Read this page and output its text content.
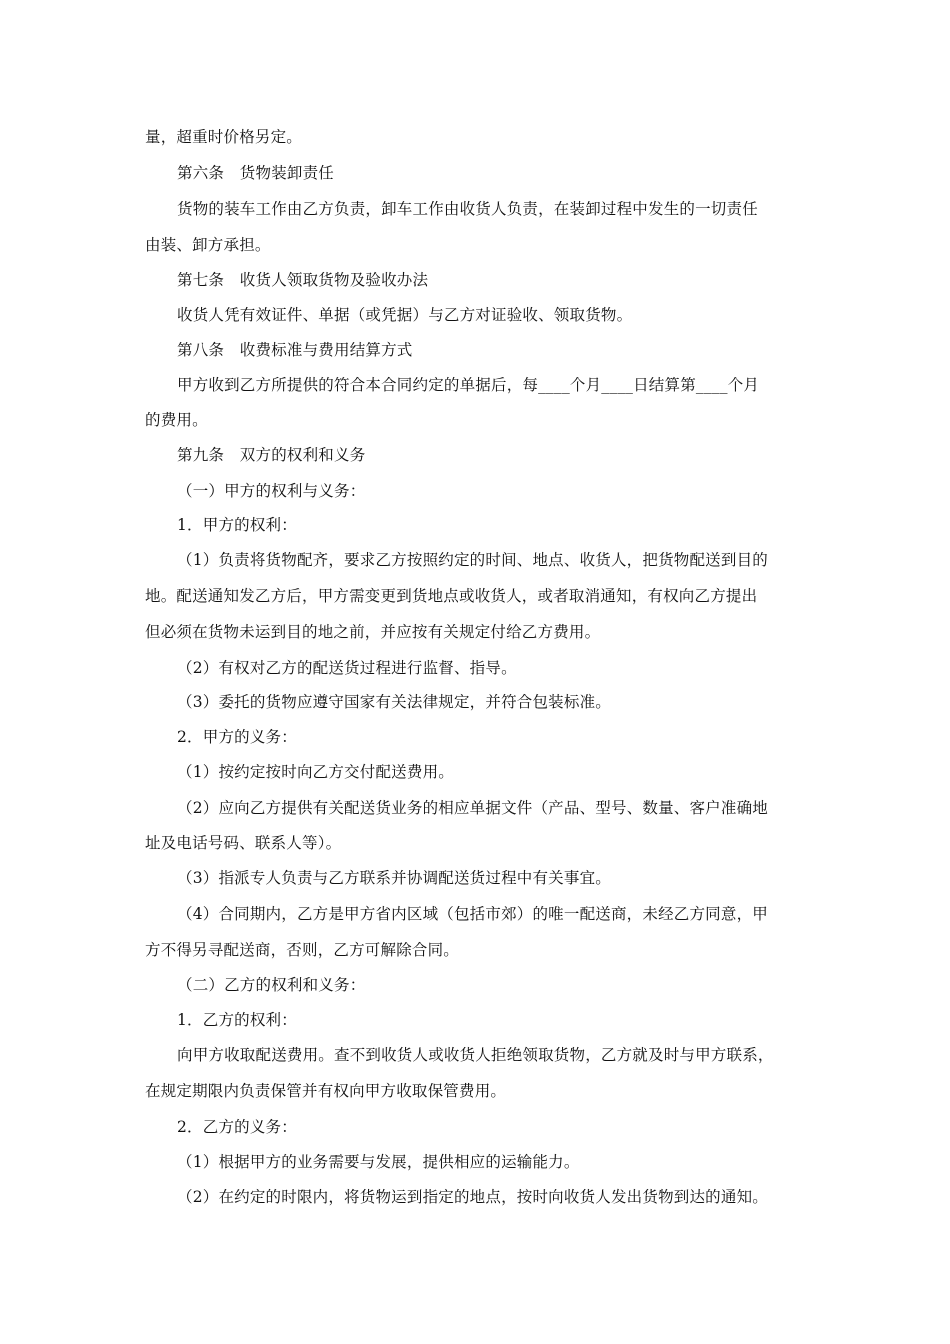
量，超重时价格另定。
第六条　货物装卸责任
货物的装车工作由乙方负责，卸车工作由收货人负责，在装卸过程中发生的一切责任
由装、卸方承担。
第七条　收货人领取货物及验收办法
收货人凭有效证件、单据（或凭据）与乙方对证验收、领取货物。
第八条　收费标准与费用结算方式
甲方收到乙方所提供的符合本合同约定的单据后，每____个月____日结算第____个月
的费用。
第九条　双方的权利和义务
（一）甲方的权利与义务：
1．甲方的权利：
（1）负责将货物配齐，要求乙方按照约定的时间、地点、收货人，把货物配送到目的
地。配送通知发乙方后，甲方需变更到货地点或收货人，或者取消通知，有权向乙方提出
但必须在货物未运到目的地之前，并应按有关规定付给乙方费用。
（2）有权对乙方的配送货过程进行监督、指导。
（3）委托的货物应遵守国家有关法律规定，并符合包装标准。
2．甲方的义务：
（1）按约定按时向乙方交付配送费用。
（2）应向乙方提供有关配送货业务的相应单据文件（产品、型号、数量、客户准确地
址及电话号码、联系人等）。
（3）指派专人负责与乙方联系并协调配送货过程中有关事宜。
（4）合同期内，乙方是甲方省内区域（包括市郊）的唯一配送商，未经乙方同意，甲
方不得另寻配送商，否则，乙方可解除合同。
（二）乙方的权利和义务：
1．乙方的权利：
向甲方收取配送费用。查不到收货人或收货人拒绝领取货物，乙方就及时与甲方联系，
在规定期限内负责保管并有权向甲方收取保管费用。
2．乙方的义务：
（1）根据甲方的业务需要与发展，提供相应的运输能力。
（2）在约定的时限内，将货物运到指定的地点，按时向收货人发出货物到达的通知。
